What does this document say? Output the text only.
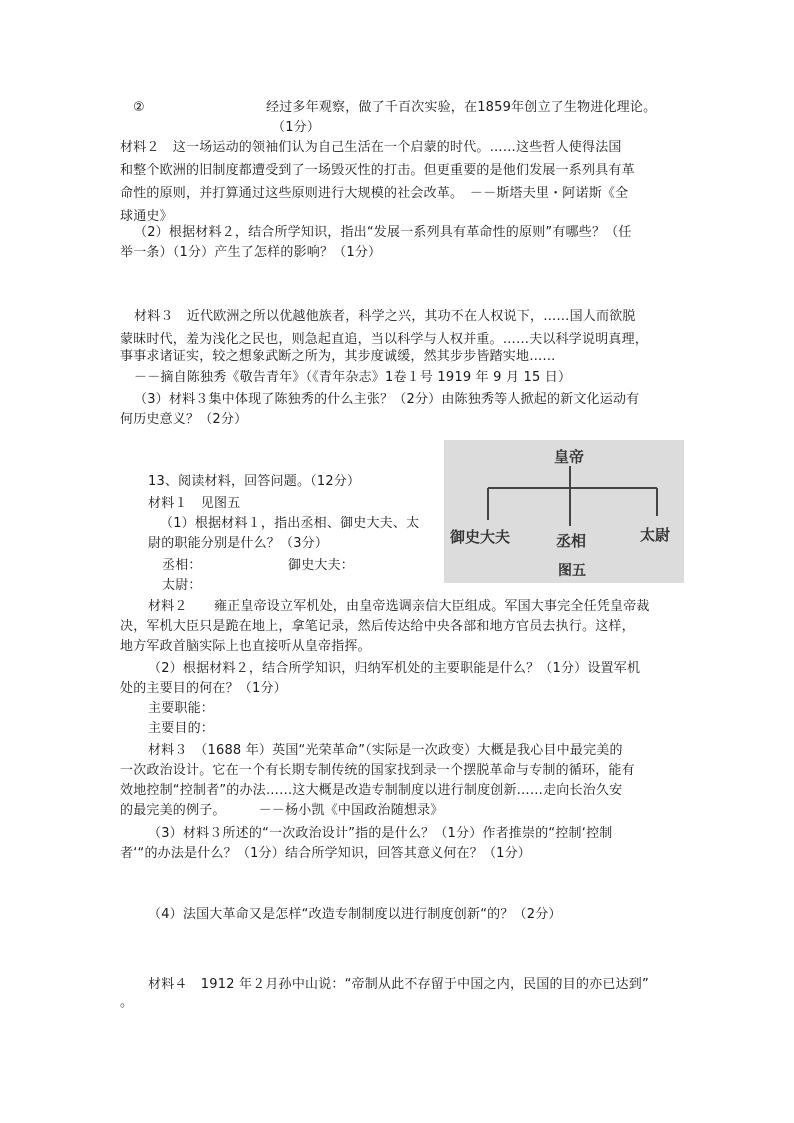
②	经过多年观察，做了千百次实验，在1859年创立了生物进化理论。
（1分）
材料２　这一场运动的领袖们认为自己生活在一个启蒙的时代。……这些哲人使得法国
和整个欧洲的旧制度都遭受到了一场毁灭性的打击。但更重要的是他们发展一系列具有革
命性的原则，并打算通过这些原则进行大规模的社会改革。　－－斯塔夫里・阿诺斯《全
球通史》
（2）根据材料２，结合所学知识，指出“发展一系列具有革命性的原则”有哪些？（任
举一条）（1分）产生了怎样的影响？（1分）
材料３　近代欧洲之所以优越他族者，科学之兴，其功不在人权说下，……国人而欲脱
蒙昧时代，羞为浅化之民也，则急起直追，当以科学与人权并重。……夫以科学说明真理，
事事求诸证实，较之想象武断之所为，其步度诚缓，然其步步皆踏实地……
－－摘自陈独秀《敬告青年》（《青年杂志》1卷１号 1919 年 9 月 15 日）
（3）材料３集中体现了陈独秀的什么主张？（2分）由陈独秀等人掀起的新文化运动有
何历史意义？（2分）
13、阅读材料，回答问题。（12分）
材料１　见图五
（1）根据材料１，指出丞相、御史大夫、太
尉的职能分别是什么？（3分）
丞相：	御史大夫：
太尉：
皇帝
御史大夫	丞相	太尉
图五
材料２　　雍正皇帝设立军机处，由皇帝选调亲信大臣组成。军国大事完全任凭皇帝裁
决，军机大臣只是跪在地上，拿笔记录，然后传达给中央各部和地方官员去执行。这样，
地方军政首脑实际上也直接听从皇帝指挥。
（2）根据材料２，结合所学知识，归纳军机处的主要职能是什么？（1分）设置军机
处的主要目的何在？（1分）
主要职能：
主要目的：
材料３　（1688 年）英国“光荣革命”（实际是一次政变）大概是我心目中最完美的
一次政治设计。它在一个有长期专制传统的国家找到录一个摆脱革命与专制的循环，能有
效地控制“控制者”的办法……这大概是改造专制制度以进行制度创新……走向长治久安
的最完美的例子。　　　－－杨小凯《中国政治随想录》
（3）材料３所述的“一次政治设计”指的是什么？（1分）作者推崇的“控制‘控制
者‘“的办法是什么？（1分）结合所学知识，回答其意义何在？（1分）
（4）法国大革命又是怎样“改造专制制度以进行制度创新“的？（2分）
材料４　1912 年２月孙中山说：“帝制从此不存留于中国之内，民国的目的亦已达到”
。
